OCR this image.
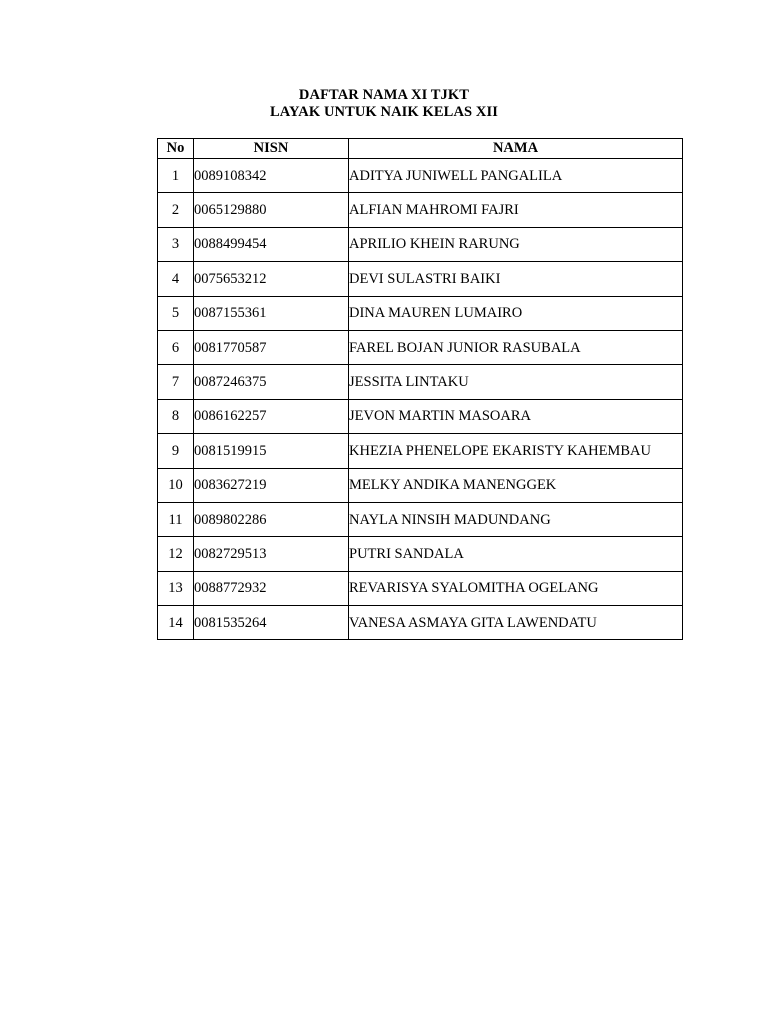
DAFTAR NAMA XI TJKT
LAYAK UNTUK NAIK KELAS XII
No	NISN	NAMA
1	0089108342	ADITYA JUNIWELL PANGALILA
2	0065129880	ALFIAN MAHROMI FAJRI
3	0088499454	APRILIO KHEIN RARUNG
4	0075653212	DEVI SULASTRI BAIKI
5	0087155361	DINA MAUREN LUMAIRO
6	0081770587	FAREL BOJAN JUNIOR RASUBALA
7	0087246375	JESSITA LINTAKU
8	0086162257	JEVON MARTIN MASOARA
9	0081519915	KHEZIA PHENELOPE EKARISTY KAHEMBAU
10	0083627219	MELKY ANDIKA MANENGGEK
11	0089802286	NAYLA NINSIH MADUNDANG
12	0082729513	PUTRI SANDALA
13	0088772932	REVARISYA SYALOMITHA OGELANG
14	0081535264	VANESA ASMAYA GITA LAWENDATU
